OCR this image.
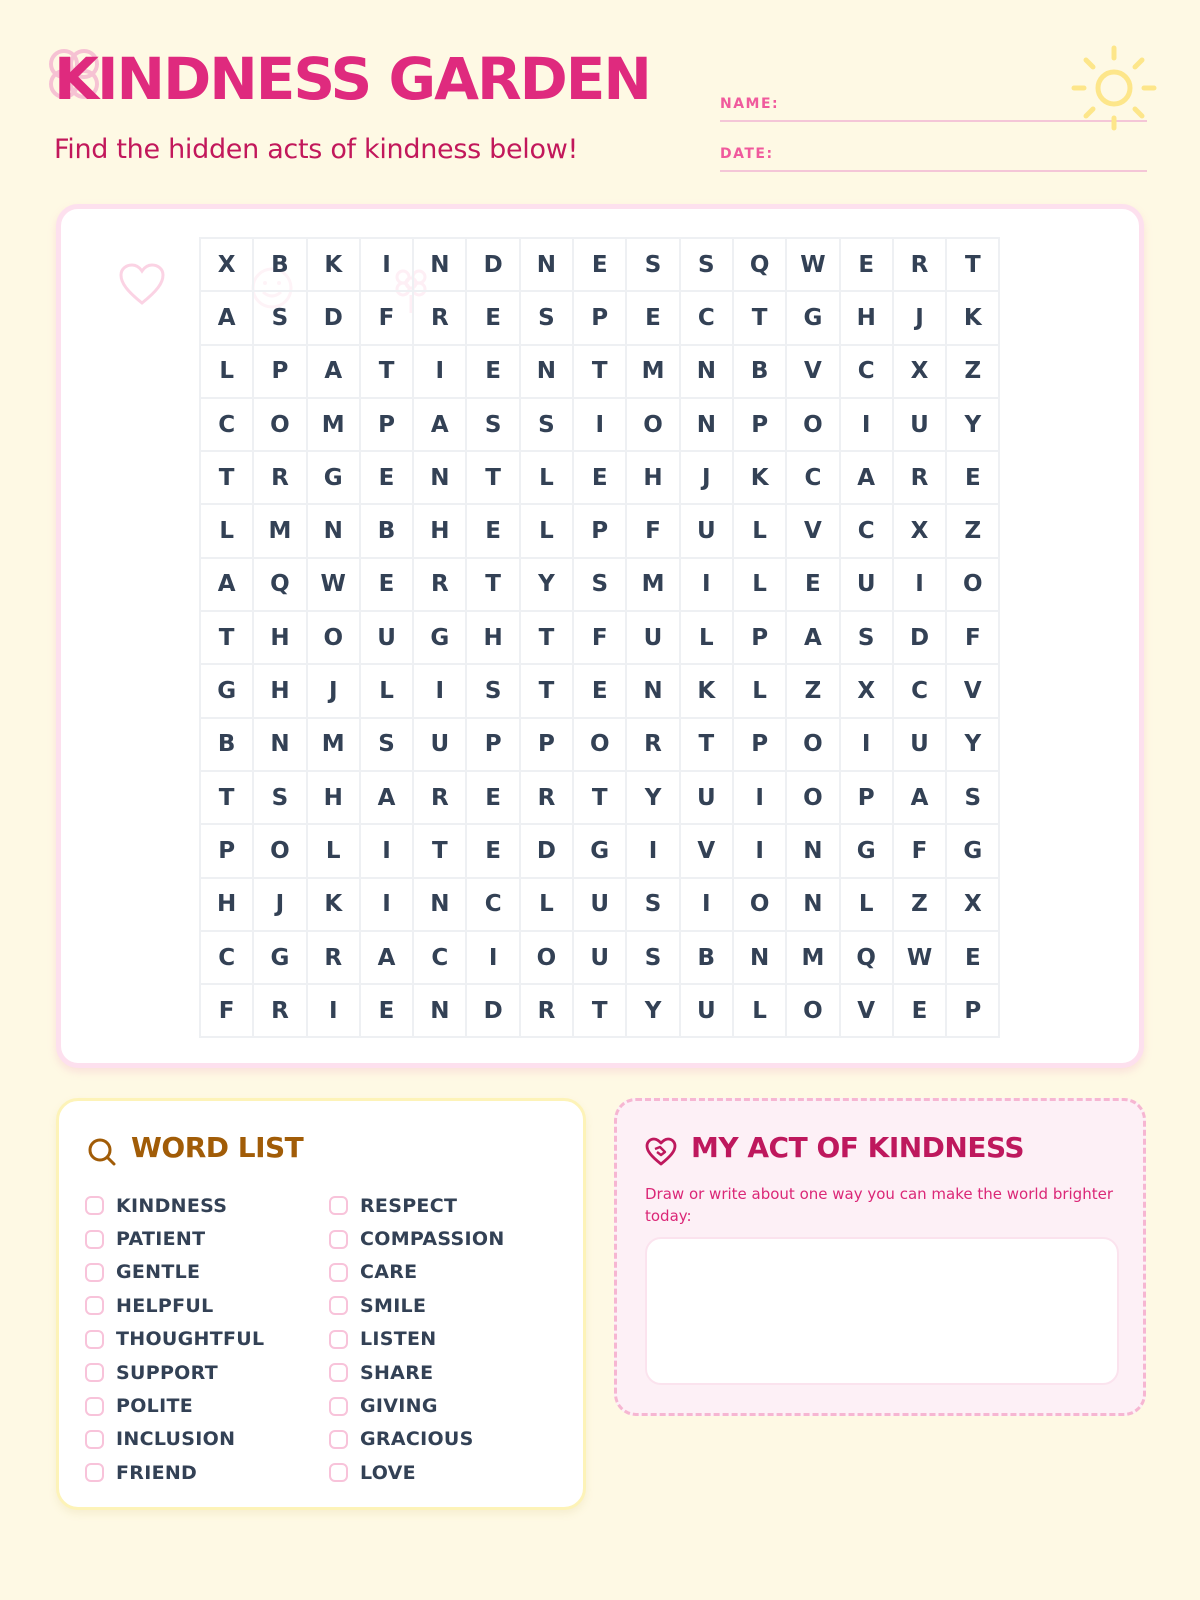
KINDNESS GARDEN
Find the hidden acts of kindness below!
NAME:
DATE:
X	B	K	I	N	D	N	E	S	S	Q	W	E	R	T
A	S	D	F	R	E	S	P	E	C	T	G	H	J	K
L	P	A	T	I	E	N	T	M	N	B	V	C	X	Z
C	O	M	P	A	S	S	I	O	N	P	O	I	U	Y
T	R	G	E	N	T	L	E	H	J	K	C	A	R	E
L	M	N	B	H	E	L	P	F	U	L	V	C	X	Z
A	Q	W	E	R	T	Y	S	M	I	L	E	U	I	O
T	H	O	U	G	H	T	F	U	L	P	A	S	D	F
G	H	J	L	I	S	T	E	N	K	L	Z	X	C	V
B	N	M	S	U	P	P	O	R	T	P	O	I	U	Y
T	S	H	A	R	E	R	T	Y	U	I	O	P	A	S
P	O	L	I	T	E	D	G	I	V	I	N	G	F	G
H	J	K	I	N	C	L	U	S	I	O	N	L	Z	X
C	G	R	A	C	I	O	U	S	B	N	M	Q	W	E
F	R	I	E	N	D	R	T	Y	U	L	O	V	E	P
WORD LIST
KINDNESS
PATIENT
GENTLE
HELPFUL
THOUGHTFUL
SUPPORT
POLITE
INCLUSION
FRIEND
RESPECT
COMPASSION
CARE
SMILE
LISTEN
SHARE
GIVING
GRACIOUS
LOVE
MY ACT OF KINDNESS
Draw or write about one way you can make the world brighter today:
